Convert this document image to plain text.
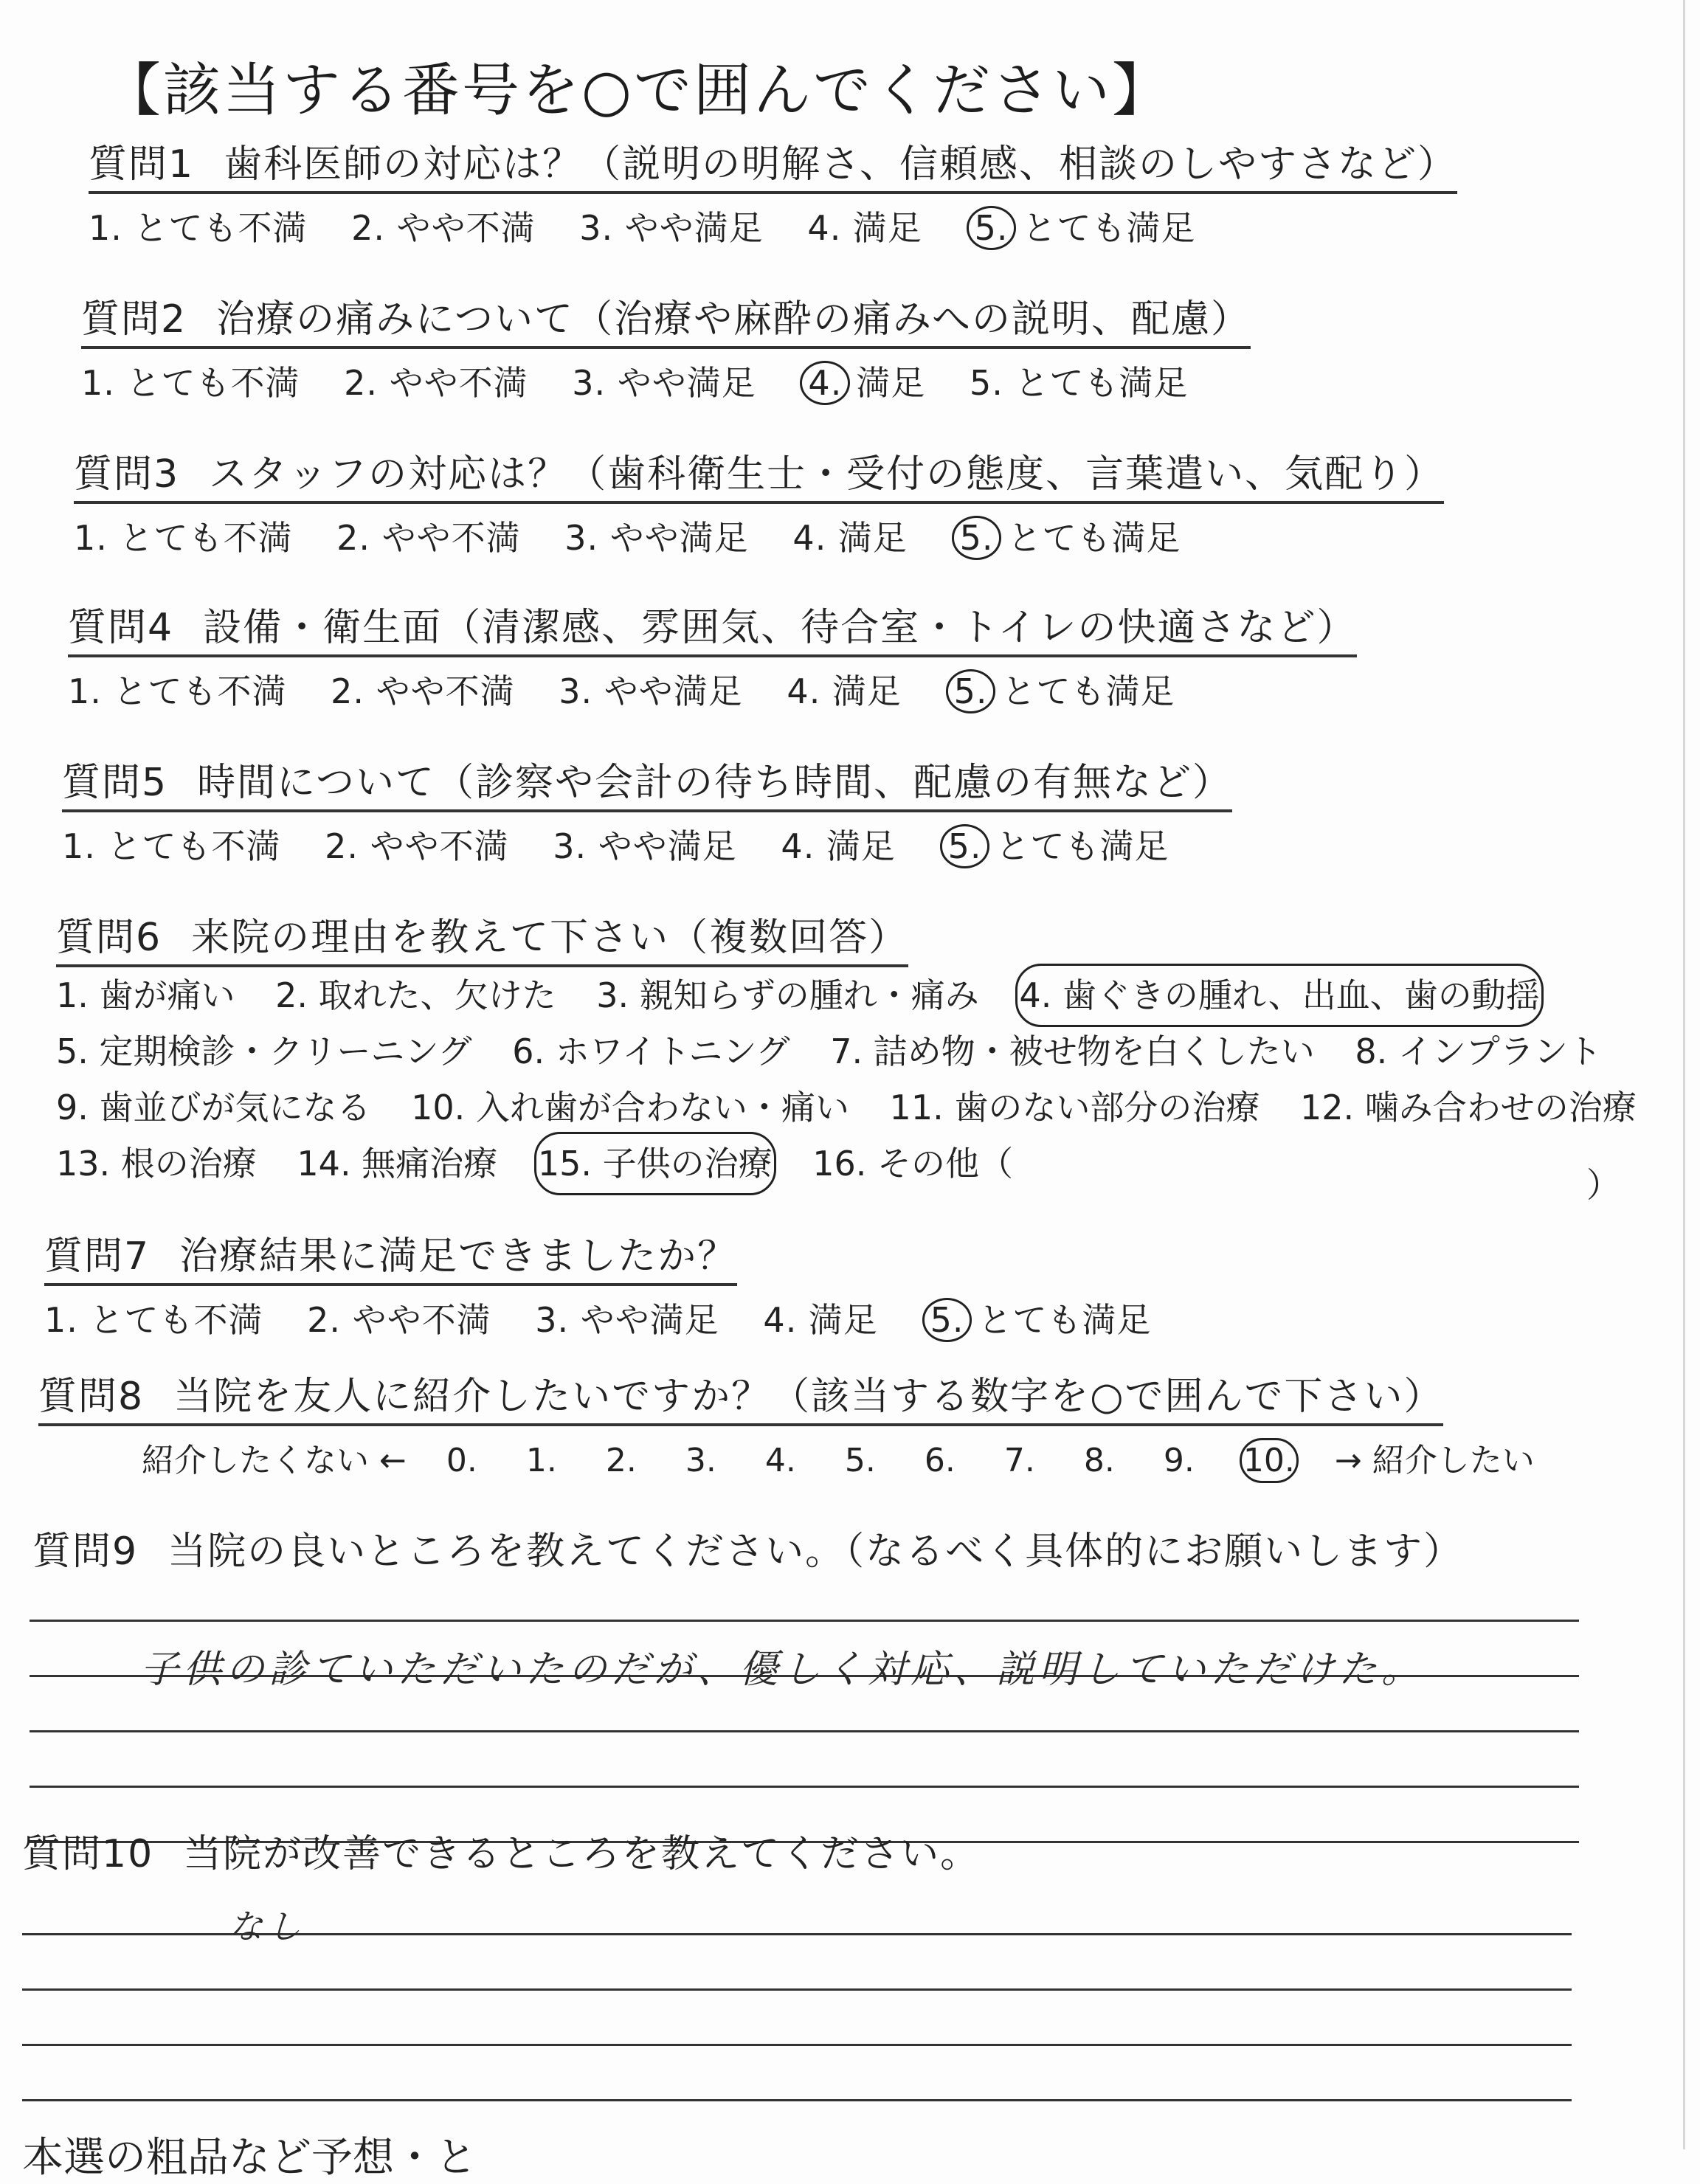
【該当する番号を○で囲んでください】
質問1 歯科医師の対応は？（説明の明解さ、信頼感、相談のしやすさなど）
1. とても不満 2. やや不満 3. やや満足 4. 満足 5. とても満足
質問2 治療の痛みについて（治療や麻酔の痛みへの説明、配慮）
1. とても不満 2. やや不満 3. やや満足 4. 満足 5. とても満足
質問3 スタッフの対応は？（歯科衛生士・受付の態度、言葉遣い、気配り）
1. とても不満 2. やや不満 3. やや満足 4. 満足 5. とても満足
質問4 設備・衛生面（清潔感、雰囲気、待合室・トイレの快適さなど）
1. とても不満 2. やや不満 3. やや満足 4. 満足 5. とても満足
質問5 時間について（診察や会計の待ち時間、配慮の有無など）
1. とても不満 2. やや不満 3. やや満足 4. 満足 5. とても満足
質問6 来院の理由を教えて下さい（複数回答）
1. 歯が痛い 2. 取れた、欠けた 3. 親知らずの腫れ・痛み 4. 歯ぐきの腫れ、出血、歯の動揺
5. 定期検診・クリーニング 6. ホワイトニング 7. 詰め物・被せ物を白くしたい 8. インプラント
9. 歯並びが気になる 10. 入れ歯が合わない・痛い 11. 歯のない部分の治療 12. 噛み合わせの治療
13. 根の治療 14. 無痛治療 15. 子供の治療 16. その他（
）
質問7 治療結果に満足できましたか？
1. とても不満 2. やや不満 3. やや満足 4. 満足 5. とても満足
質問8 当院を友人に紹介したいですか？（該当する数字を○で囲んで下さい）
紹介したくない ← 0. 1. 2. 3. 4. 5. 6. 7. 8. 9. 10. → 紹介したい
質問9 当院の良いところを教えてください。（なるべく具体的にお願いします）
子供の診ていただいたのだが、優しく対応、説明していただけた。
質問10 当院が改善できるところを教えてください。
なし
本選の粗品など予想・と
